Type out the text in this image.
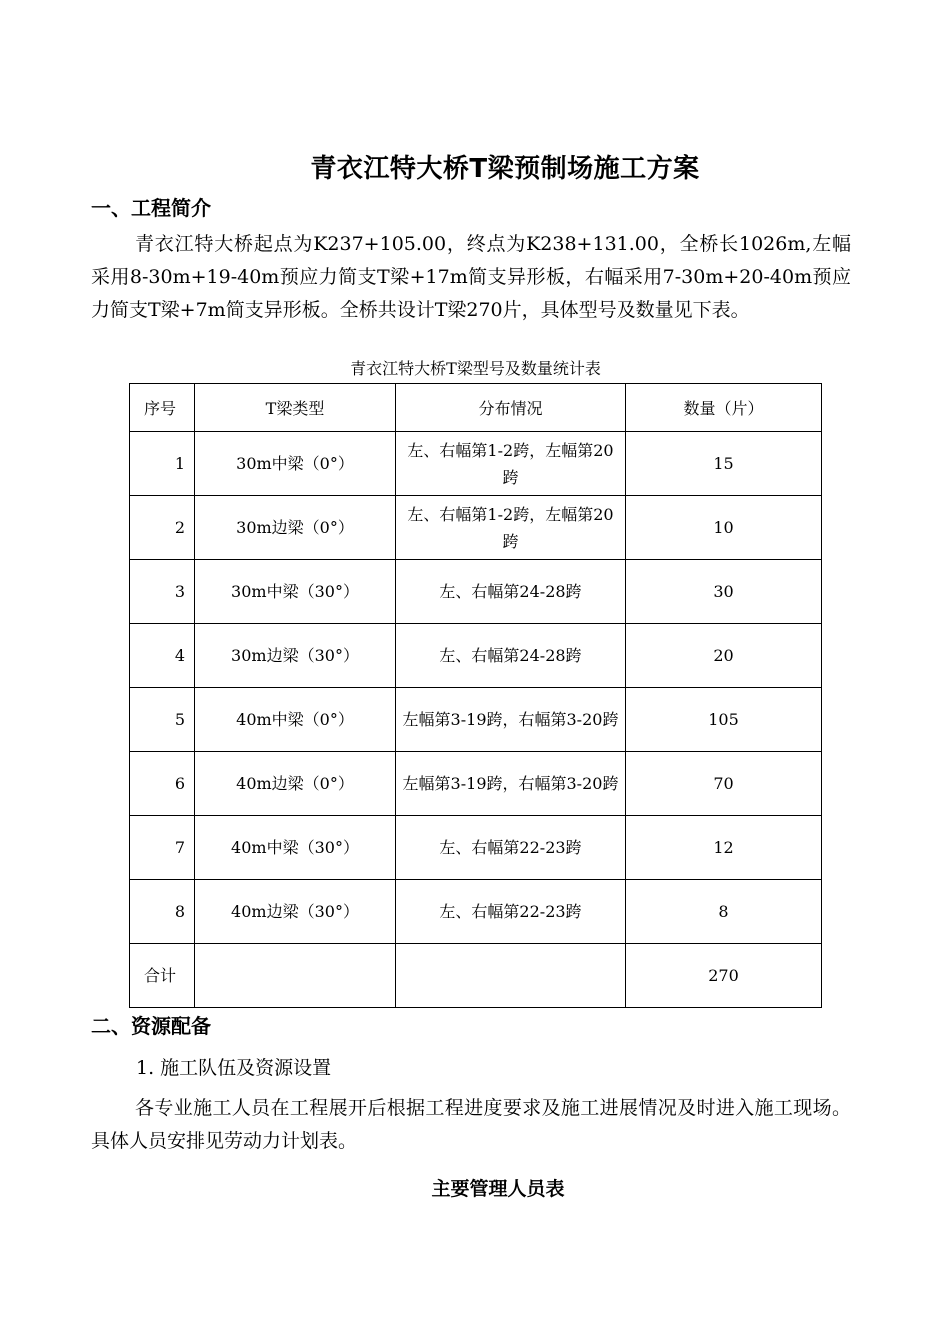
青衣江特大桥T梁预制场施工方案
一、工程简介

青衣江特大桥起点为K237+105.00，终点为K238+131.00，全桥长1026m,左幅采用8-30m+19-40m预应力简支T梁+17m简支异形板，右幅采用7-30m+20-40m预应力简支T梁+7m简支异形板。全桥共设计T梁270片，具体型号及数量见下表。

青衣江特大桥T梁型号及数量统计表
序号	T梁类型	分布情况	数量（片）
1	30m中梁（0°）	左、右幅第1-2跨，左幅第20跨	15
2	30m边梁（0°）	左、右幅第1-2跨，左幅第20跨	10
3	30m中梁（30°）	左、右幅第24-28跨	30
4	30m边梁（30°）	左、右幅第24-28跨	20
5	40m中梁（0°）	左幅第3-19跨，右幅第3-20跨	105
6	40m边梁（0°）	左幅第3-19跨，右幅第3-20跨	70
7	40m中梁（30°）	左、右幅第22-23跨	12
8	40m边梁（30°）	左、右幅第22-23跨	8
合计			270
二、资源配备
1. 施工队伍及资源设置

各专业施工人员在工程展开后根据工程进度要求及施工进展情况及时进入施工现场。具体人员安排见劳动力计划表。

主要管理人员表
